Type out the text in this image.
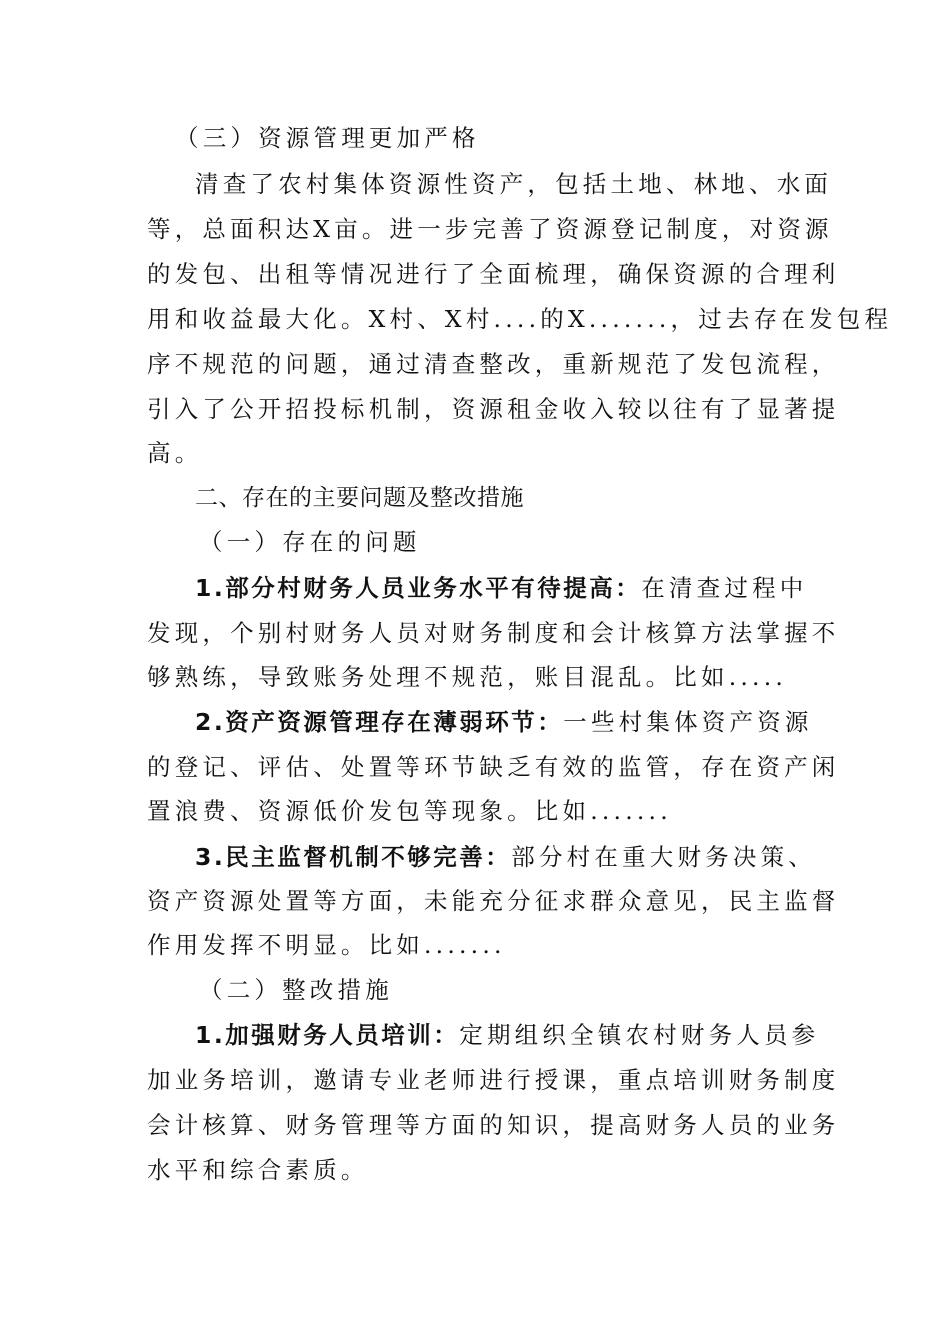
（三）资源管理更加严格
清查了农村集体资源性资产，包括土地、林地、水面
等，总面积达X亩。进一步完善了资源登记制度，对资源
的发包、出租等情况进行了全面梳理，确保资源的合理利
用和收益最大化。X村、X村....的X.......，过去存在发包程
序不规范的问题，通过清查整改，重新规范了发包流程，
引入了公开招投标机制，资源租金收入较以往有了显著提
高。
二、存在的主要问题及整改措施
（一）存在的问题
1.部分村财务人员业务水平有待提高：在清查过程中
发现，个别村财务人员对财务制度和会计核算方法掌握不
够熟练，导致账务处理不规范，账目混乱。比如.....
2.资产资源管理存在薄弱环节：一些村集体资产资源
的登记、评估、处置等环节缺乏有效的监管，存在资产闲
置浪费、资源低价发包等现象。比如.......
3.民主监督机制不够完善：部分村在重大财务决策、
资产资源处置等方面，未能充分征求群众意见，民主监督
作用发挥不明显。比如.......
（二）整改措施
1.加强财务人员培训：定期组织全镇农村财务人员参
加业务培训，邀请专业老师进行授课，重点培训财务制度
会计核算、财务管理等方面的知识，提高财务人员的业务
水平和综合素质。
